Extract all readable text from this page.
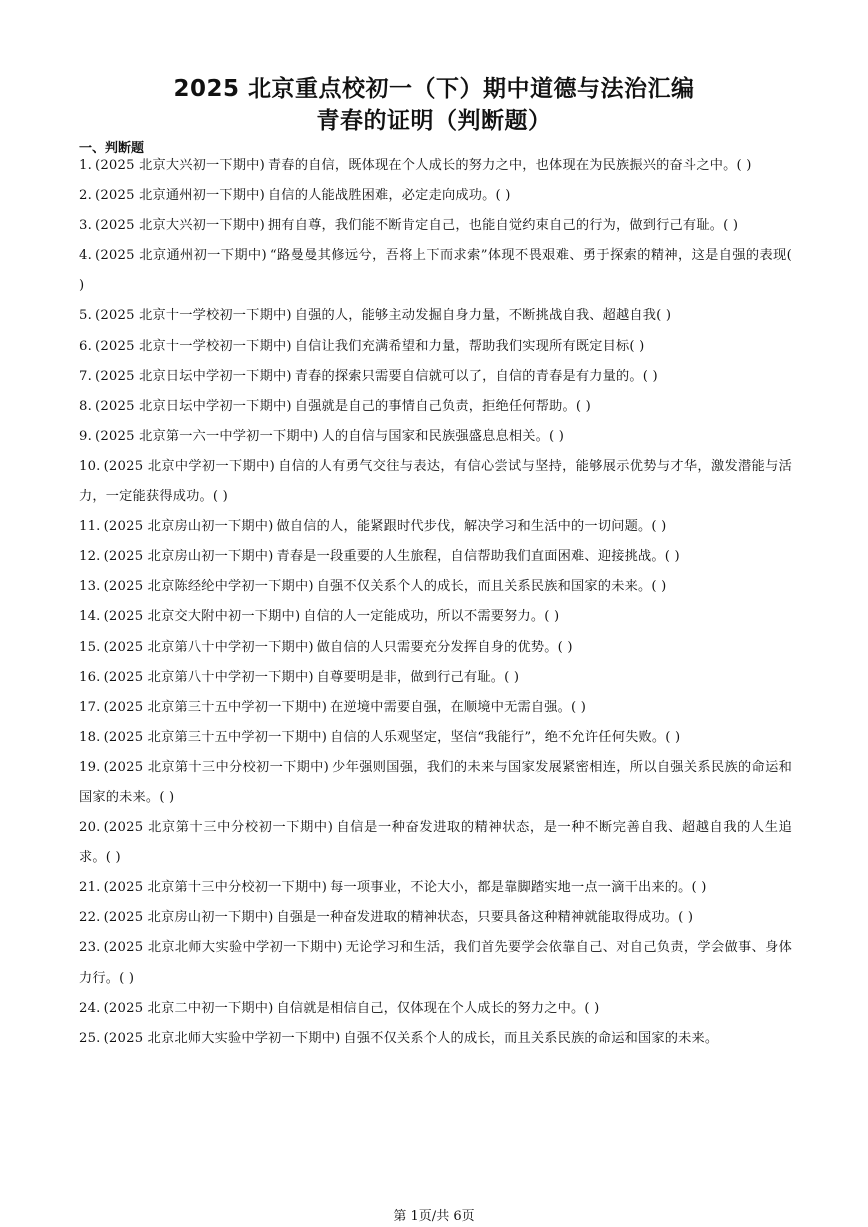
2025 北京重点校初一（下）期中道德与法治汇编
青春的证明（判断题）
一、判断题
1. (2025 北京大兴初一下期中) 青春的自信，既体现在个人成长的努力之中，也体现在为民族振兴的奋斗之中。( )
2. (2025 北京通州初一下期中) 自信的人能战胜困难，必定走向成功。( )
3. (2025 北京大兴初一下期中) 拥有自尊，我们能不断肯定自己，也能自觉约束自己的行为，做到行己有耻。( )
4. (2025 北京通州初一下期中) “路曼曼其修远兮，吾将上下而求索”体现不畏艰难、勇于探索的精神，这是自强的表现( )
5. (2025 北京十一学校初一下期中) 自强的人，能够主动发掘自身力量，不断挑战自我、超越自我( )
6. (2025 北京十一学校初一下期中) 自信让我们充满希望和力量，帮助我们实现所有既定目标( )
7. (2025 北京日坛中学初一下期中) 青春的探索只需要自信就可以了，自信的青春是有力量的。( )
8. (2025 北京日坛中学初一下期中) 自强就是自己的事情自己负责，拒绝任何帮助。( )
9. (2025 北京第一六一中学初一下期中) 人的自信与国家和民族强盛息息相关。( )
10. (2025 北京中学初一下期中) 自信的人有勇气交往与表达，有信心尝试与坚持，能够展示优势与才华，激发潜能与活力，一定能获得成功。( )
11. (2025 北京房山初一下期中) 做自信的人，能紧跟时代步伐，解决学习和生活中的一切问题。( )
12. (2025 北京房山初一下期中) 青春是一段重要的人生旅程，自信帮助我们直面困难、迎接挑战。( )
13. (2025 北京陈经纶中学初一下期中) 自强不仅关系个人的成长，而且关系民族和国家的未来。( )
14. (2025 北京交大附中初一下期中) 自信的人一定能成功，所以不需要努力。( )
15. (2025 北京第八十中学初一下期中) 做自信的人只需要充分发挥自身的优势。( )
16. (2025 北京第八十中学初一下期中) 自尊要明是非，做到行己有耻。( )
17. (2025 北京第三十五中学初一下期中) 在逆境中需要自强，在顺境中无需自强。( )
18. (2025 北京第三十五中学初一下期中) 自信的人乐观坚定，坚信“我能行”，绝不允许任何失败。( )
19. (2025 北京第十三中分校初一下期中) 少年强则国强，我们的未来与国家发展紧密相连，所以自强关系民族的命运和国家的未来。( )
20. (2025 北京第十三中分校初一下期中) 自信是一种奋发进取的精神状态，是一种不断完善自我、超越自我的人生追求。( )
21. (2025 北京第十三中分校初一下期中) 每一项事业，不论大小，都是靠脚踏实地一点一滴干出来的。( )
22. (2025 北京房山初一下期中) 自强是一种奋发进取的精神状态，只要具备这种精神就能取得成功。( )
23. (2025 北京北师大实验中学初一下期中) 无论学习和生活，我们首先要学会依靠自己、对自己负责，学会做事、身体力行。( )
24. (2025 北京二中初一下期中) 自信就是相信自己，仅体现在个人成长的努力之中。( )
25. (2025 北京北师大实验中学初一下期中) 自强不仅关系个人的成长，而且关系民族的命运和国家的未来。
第 1页/共 6页
